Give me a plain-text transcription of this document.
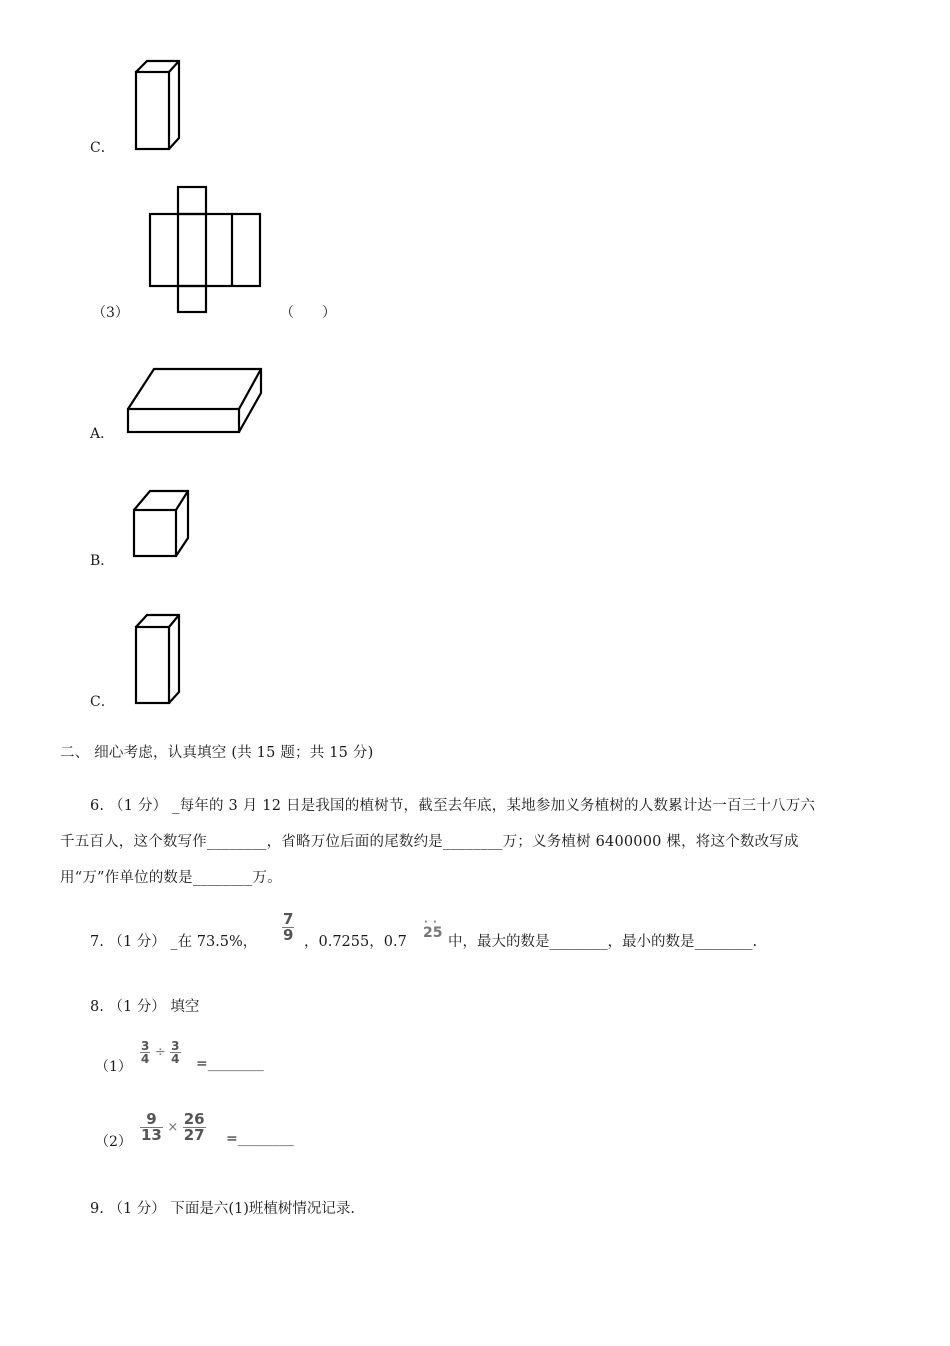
C．
（3）	（　　）
A．
B．
C．
二、 细心考虑，认真填空 (共 15 题；共 15 分)
6. （1 分） _每年的 3 月 12 日是我国的植树节，截至去年底，某地参加义务植树的人数累计达一百三十八万六
千五百人，这个数写作________，省略万位后面的尾数约是________万；义务植树 6400000 棵，将这个数改写成
用“万”作单位的数是________万。
7. （1 分） _在 73.5%， $\frac{7}{9}$ ，0.7255，0.7
· ·
25
中，最大的数是________，最小的数是________.
8. （1 分） 填空
（1）
$\frac{3}{4} \div \frac{3}{4}$ =________
$(2) \frac{9}{13} \times \frac{26}{27}$ =________
9. （1 分） 下面是六(1)班植树情况记录.
